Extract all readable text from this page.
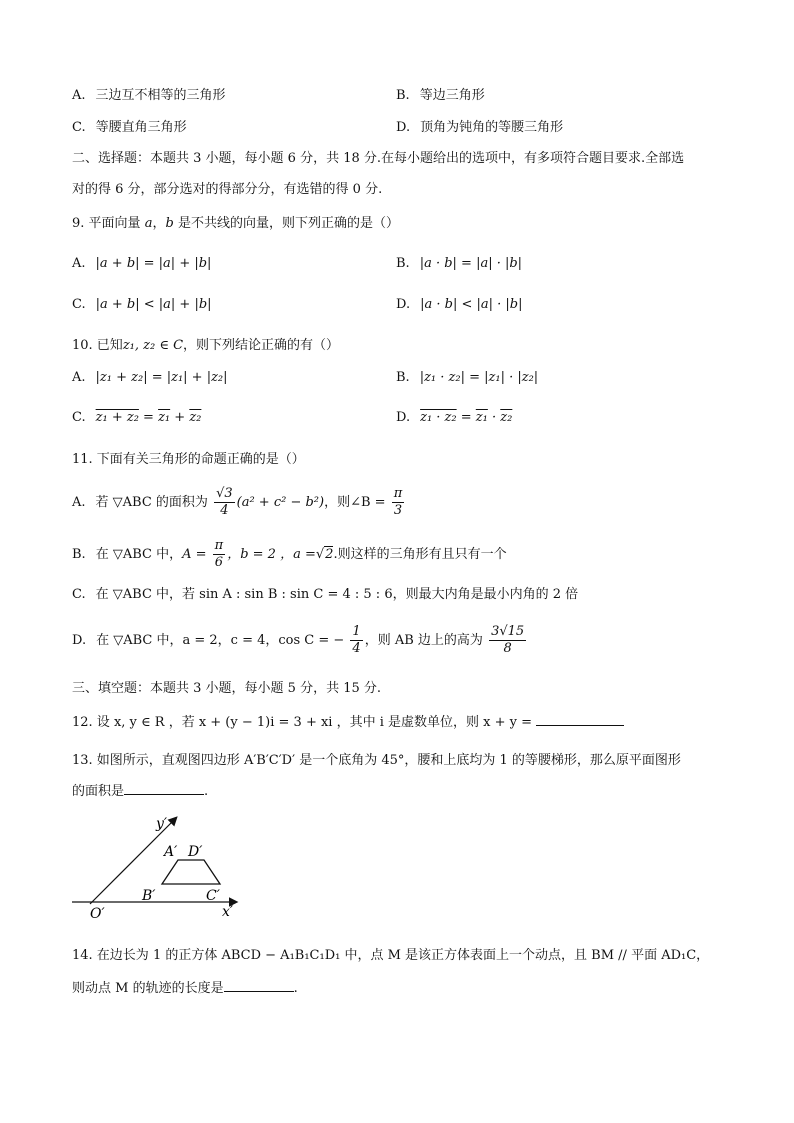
A. 三边互不相等的三角形	B. 等边三角形
C. 等腰直角三角形	D. 顶角为钝角的等腰三角形
二、选择题：本题共 3 小题，每小题 6 分，共 18 分.在每小题给出的选项中，有多项符合题目要求.全部选
对的得 6 分，部分选对的得部分分，有选错的得 0 分.
9. 平面向量 a，b 是不共线的向量，则下列正确的是（）
A. |a + b| = |a| + |b|	B. |a · b| = |a| · |b|
C. |a + b| < |a| + |b|	D. |a · b| < |a| · |b|
10. 已知z₁, z₂ ∈ C，则下列结论正确的有（）
A. |z₁ + z₂| = |z₁| + |z₂|	B. |z₁ · z₂| = |z₁| · |z₂|
C. z₁ + z₂ = z₁ + z₂	D. z₁ · z₂ = z₁ · z₂
11. 下面有关三角形的命题正确的是（）
A. 若 ▽ABC 的面积为 $\frac{√3}{4} (a^2 + c^2 - b^2)$，则∠B = $\frac{\pi}{3}$
B. 在 ▽ABC 中，$A = \frac{\pi}{6}$ ，b = 2 ，a =√2.则这样的三角形有且只有一个
C. 在 ▽ABC 中，若 sin A : sin B : sin C = 4 : 5 : 6，则最大内角是最小内角的 2 倍
D. 在 ▽ABC 中，a = 2，c = 4，cos C = − $\frac{1}{4}$ ，则 AB 边上的高为 $\frac{3√15}{8}$
三、填空题：本题共 3 小题，每小题 5 分，共 15 分.
12. 设 x, y ∈ R ，若 x + (y − 1)i = 3 + xi ，其中 i 是虚数单位，则 x + y =
13. 如图所示，直观图四边形 A′B′C′D′ 是一个底角为 45°，腰和上底均为 1 的等腰梯形，那么原平面图形
的面积是	.
y′
x′
O′
A′ D′
B′	C′
14. 在边长为 1 的正方体 ABCD − A₁B₁C₁D₁ 中，点 M 是该正方体表面上一个动点，且 BM // 平面 AD₁C，
则动点 M 的轨迹的长度是	.
